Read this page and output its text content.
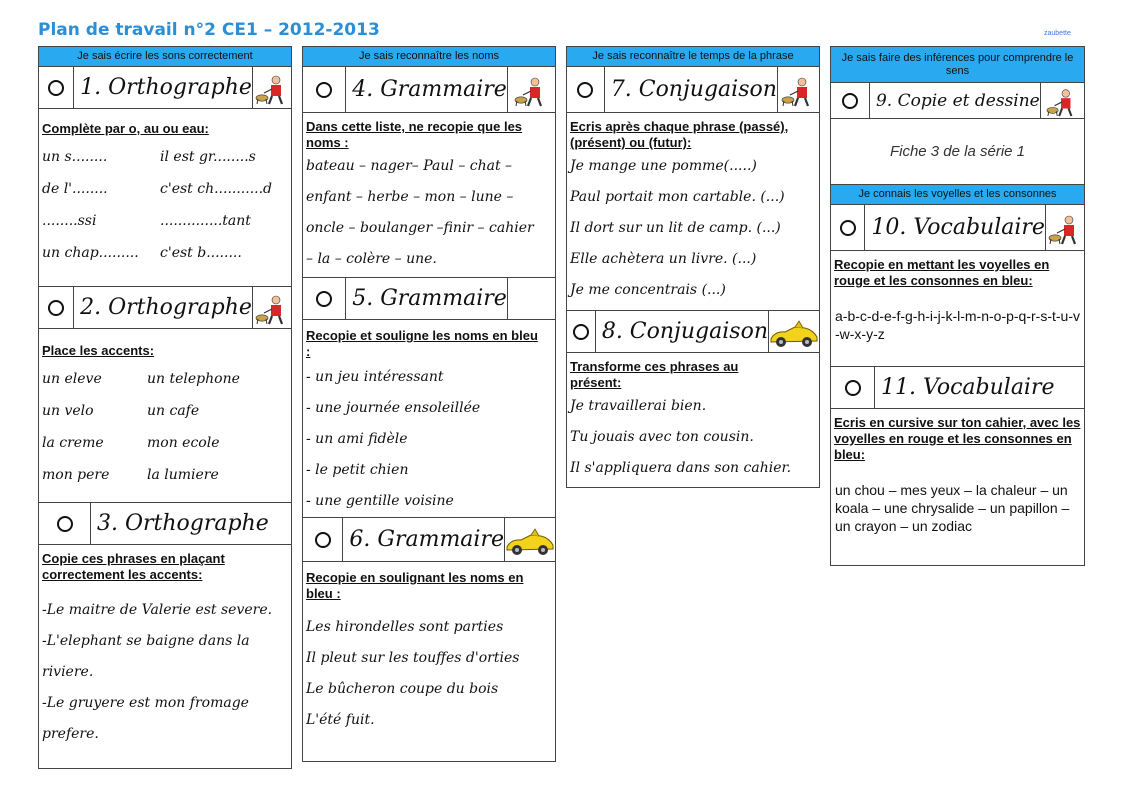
Plan de travail n°2 CE1 – 2012-2013	zaubette
Je sais écrire les sons correctement
1. Orthographe
Complète par o, au ou eau:
un s........	il est gr........s
de l'........	c'est ch...........d
........ssi	..............tant
un chap.........	c'est b........
2. Orthographe
Place les accents:
un eleve	un telephone
un velo	un cafe
la creme	mon ecole
mon pere	la lumiere
3. Orthographe
Copie ces phrases en plaçant correctement les accents:
-Le maitre de Valerie est severe.
-L'elephant se baigne dans la
riviere.
-Le gruyere est mon fromage
prefere.
Je sais reconnaître les noms
4. Grammaire
Dans cette liste, ne recopie que les noms :
bateau – nager– Paul – chat –
enfant – herbe – mon – lune –
oncle – boulanger –finir – cahier
– la – colère – une.
5. Grammaire
Recopie et souligne les noms en bleu :
- un jeu intéressant
- une journée ensoleillée
- un ami fidèle
- le petit chien
- une gentille voisine
6. Grammaire
Recopie en soulignant les noms en bleu :
Les hirondelles sont parties
Il pleut sur les touffes d'orties
Le bûcheron coupe du bois
L'été fuit.
Je sais reconnaître le temps de la phrase
7. Conjugaison
Ecris après chaque phrase (passé), (présent) ou (futur):
Je mange une pomme(.....)
Paul portait mon cartable. (...)
Il dort sur un lit de camp. (...)
Elle achètera un livre. (...)
Je me concentrais (...)
8. Conjugaison
Transforme ces phrases au présent:
Je travaillerai bien.
Tu jouais avec ton cousin.
Il s'appliquera dans son cahier.
Je sais faire des inférences pour comprendre le sens
9. Copie et dessine
Fiche 3 de la série 1
Je connais les voyelles et les consonnes
10. Vocabulaire
Recopie en mettant les voyelles en rouge et les consonnes en bleu:
a-b-c-d-e-f-g-h-i-j-k-l-m-n-o-p-q-r-s-t-u-v-w-x-y-z
11. Vocabulaire
Ecris en cursive sur ton cahier, avec les voyelles en rouge et les consonnes en bleu:
un chou – mes yeux – la chaleur – un koala – une chrysalide – un papillon – un crayon – un zodiac
